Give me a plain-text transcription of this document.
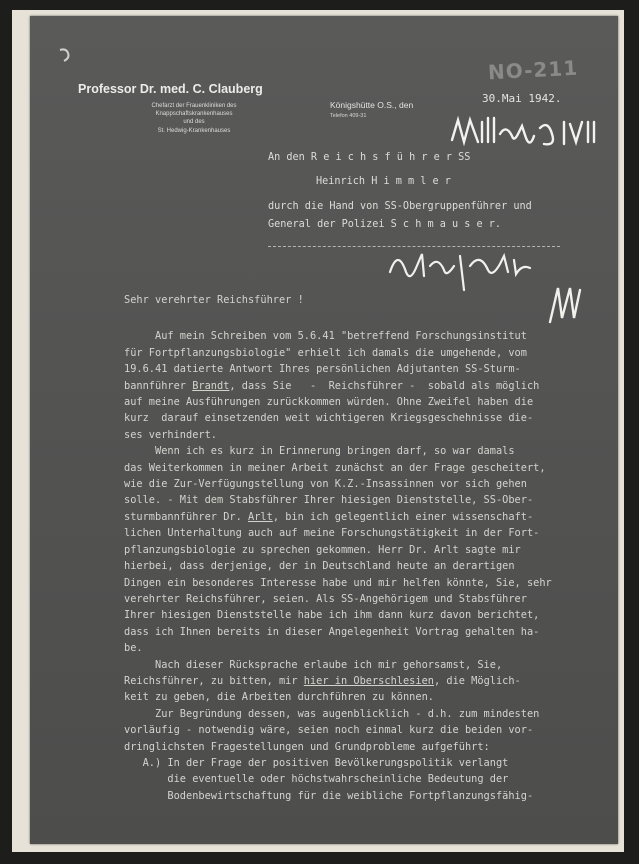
NO-211
Professor Dr. med. C. Clauberg
Chefarzt der Frauenkliniken des
Knappschaftskrankenhauses
und des
St. Hedwig-Krankenhauses
Königshütte O.S., den
Telefon 409-31
30.Mai 1942.
An den R e i c h s f ü h r e r SS
Heinrich H i m m l e r
durch die Hand von SS-Obergruppenführer und
General der Polizei S c h m a u s e r.

Sehr verehrter Reichsführer !

Auf mein Schreiben vom 5.6.41 "betreffend Forschungsinstitut

für Fortpflanzungsbiologie" erhielt ich damals die umgehende, vom

19.6.41 datierte Antwort Ihres persönlichen Adjutanten SS-Sturm-

bannführer Brandt, dass Sie   -  Reichsführer -  sobald als möglich

auf meine Ausführungen zurückkommen würden. Ohne Zweifel haben die

kurz  darauf einsetzenden weit wichtigeren Kriegsgeschehnisse die-

ses verhindert.

Wenn ich es kurz in Erinnerung bringen darf, so war damals

das Weiterkommen in meiner Arbeit zunächst an der Frage gescheitert,

wie die Zur-Verfügungstellung von K.Z.-Insassinnen vor sich gehen

solle. - Mit dem Stabsführer Ihrer hiesigen Dienststelle, SS-Ober-

sturmbannführer Dr. Arlt, bin ich gelegentlich einer wissenschaft-

lichen Unterhaltung auch auf meine Forschungstätigkeit in der Fort-

pflanzungsbiologie zu sprechen gekommen. Herr Dr. Arlt sagte mir

hierbei, dass derjenige, der in Deutschland heute an derartigen

Dingen ein besonderes Interesse habe und mir helfen könnte, Sie, sehr

verehrter Reichsführer, seien. Als SS-Angehörigem und Stabsführer

Ihrer hiesigen Dienststelle habe ich ihm dann kurz davon berichtet,

dass ich Ihnen bereits in dieser Angelegenheit Vortrag gehalten ha-

be.

Nach dieser Rücksprache erlaube ich mir gehorsamst, Sie,

Reichsführer, zu bitten, mir hier in Oberschlesien, die Möglich-

keit zu geben, die Arbeiten durchführen zu können.

Zur Begründung dessen, was augenblicklich - d.h. zum mindesten

vorläufig - notwendig wäre, seien noch einmal kurz die beiden vor-

dringlichsten Fragestellungen und Grundprobleme aufgeführt:

A.) In der Frage der positiven Bevölkerungspolitik verlangt

die eventuelle oder höchstwahrscheinliche Bedeutung der

Bodenbewirtschaftung für die weibliche Fortpflanzungsfähig-
